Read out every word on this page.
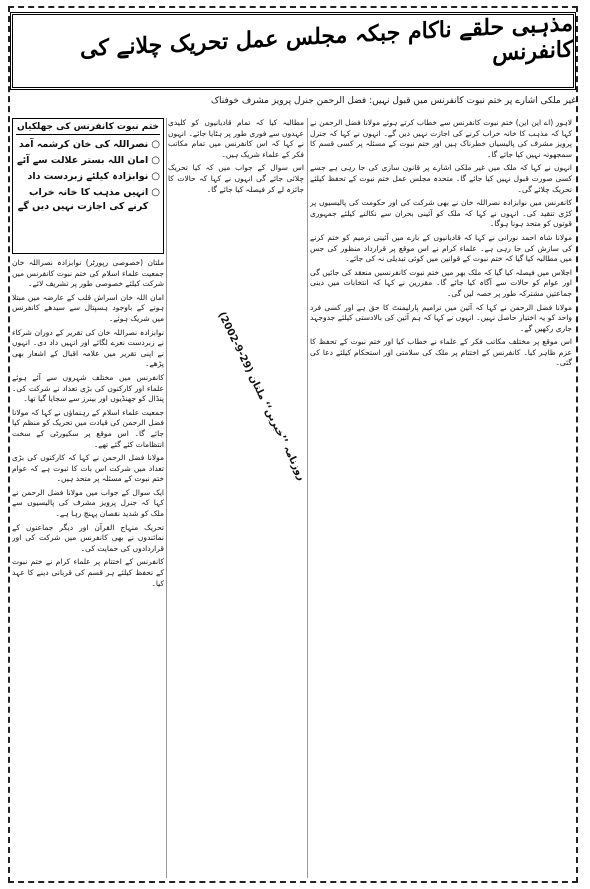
مذہبی حلقے ناکام جبکہ مجلس عمل تحریک چلانے کی کانفرنس
غیر ملکی اشارے پر ختم نبوت کانفرنس میں قبول نہیں: فضل الرحمن جنرل پرویز مشرف خوفناک

لاہور (اے این این) ختم نبوت کانفرنس سے خطاب کرتے ہوئے مولانا فضل الرحمن نے کہا کہ مذہب کا خانہ خراب کرنے کی اجازت نہیں دیں گے۔ انہوں نے کہا کہ جنرل پرویز مشرف کی پالیسیاں خطرناک ہیں اور ختم نبوت کے مسئلہ پر کسی قسم کا سمجھوتہ نہیں کیا جائے گا۔

انہوں نے کہا کہ ملک میں غیر ملکی اشارے پر قانون سازی کی جا رہی ہے جسے کسی صورت قبول نہیں کیا جائے گا۔ متحدہ مجلس عمل ختم نبوت کے تحفظ کیلئے تحریک چلائے گی۔

کانفرنس میں نوابزادہ نصراللہ خان نے بھی شرکت کی اور حکومت کی پالیسیوں پر کڑی تنقید کی۔ انہوں نے کہا کہ ملک کو آئینی بحران سے نکالنے کیلئے جمہوری قوتوں کو متحد ہونا ہوگا۔

مولانا شاہ احمد نورانی نے کہا کہ قادیانیوں کے بارے میں آئینی ترمیم کو ختم کرنے کی سازش کی جا رہی ہے۔ علماء کرام نے اس موقع پر قرارداد منظور کی جس میں مطالبہ کیا گیا کہ ختم نبوت کے قوانین میں کوئی تبدیلی نہ کی جائے۔

اجلاس میں فیصلہ کیا گیا کہ ملک بھر میں ختم نبوت کانفرنسیں منعقد کی جائیں گی اور عوام کو حالات سے آگاہ کیا جائے گا۔ مقررین نے کہا کہ انتخابات میں دینی جماعتیں مشترکہ طور پر حصہ لیں گی۔

مولانا فضل الرحمن نے کہا کہ آئین میں ترامیم پارلیمنٹ کا حق ہے اور کسی فرد واحد کو یہ اختیار حاصل نہیں۔ انہوں نے کہا کہ ہم آئین کی بالادستی کیلئے جدوجہد جاری رکھیں گے۔

اس موقع پر مختلف مکاتب فکر کے علماء نے خطاب کیا اور ختم نبوت کے تحفظ کا عزم ظاہر کیا۔ کانفرنس کے اختتام پر ملک کی سلامتی اور استحکام کیلئے دعا کی گئی۔

مطالبہ کیا کہ تمام قادیانیوں کو کلیدی عہدوں سے فوری طور پر ہٹایا جائے۔ انہوں نے کہا کہ اس کانفرنس میں تمام مکاتب فکر کے علماء شریک ہیں۔

اس سوال کے جواب میں کہ کیا تحریک چلائی جائے گی انہوں نے کہا کہ حالات کا جائزہ لے کر فیصلہ کیا جائے گا۔

ختم نبوت کانفرنس کی جھلکیاں
○
نصراللہ کی خان کرشمہ آمد
○
امان اللہ بستر علالت سے آئے
○
نوابزادہ کیلئے زبردست داد
○
انہیں مذہب کا خانہ خراب کرنے کی اجازت نہیں دیں گے

ملتان (خصوصی رپورٹر) نوابزادہ نصراللہ خان جمعیت علماء اسلام کی ختم نبوت کانفرنس میں شرکت کیلئے خصوصی طور پر تشریف لائے۔

امان اللہ خان اسراش قلب کے عارضہ میں مبتلا ہونے کے باوجود ہسپتال سے سیدھے کانفرنس میں شریک ہوئے۔

نوابزادہ نصراللہ خان کی تقریر کے دوران شرکاء نے زبردست نعرے لگائے اور انہیں داد دی۔ انہوں نے اپنی تقریر میں علامہ اقبال کے اشعار بھی پڑھے۔

کانفرنس میں مختلف شہروں سے آئے ہوئے علماء اور کارکنوں کی بڑی تعداد نے شرکت کی۔ پنڈال کو جھنڈیوں اور بینرز سے سجایا گیا تھا۔

جمعیت علماء اسلام کے رہنماؤں نے کہا کہ مولانا فضل الرحمن کی قیادت میں تحریک کو منظم کیا جائے گا۔ اس موقع پر سکیورٹی کے سخت انتظامات کئے گئے تھے۔

مولانا فضل الرحمن نے کہا کہ کارکنوں کی بڑی تعداد میں شرکت اس بات کا ثبوت ہے کہ عوام ختم نبوت کے مسئلہ پر متحد ہیں۔

ایک سوال کے جواب میں مولانا فضل الرحمن نے کہا کہ جنرل پرویز مشرف کی پالیسیوں سے ملک کو شدید نقصان پہنچ رہا ہے۔

تحریک منہاج القرآن اور دیگر جماعتوں کے نمائندوں نے بھی کانفرنس میں شرکت کی اور قراردادوں کی حمایت کی۔

کانفرنس کے اختتام پر علماء کرام نے ختم نبوت کے تحفظ کیلئے ہر قسم کی قربانی دینے کا عہد کیا۔

روزنامہ ’’خبریں‘‘ ملتان (29-9-2002)
